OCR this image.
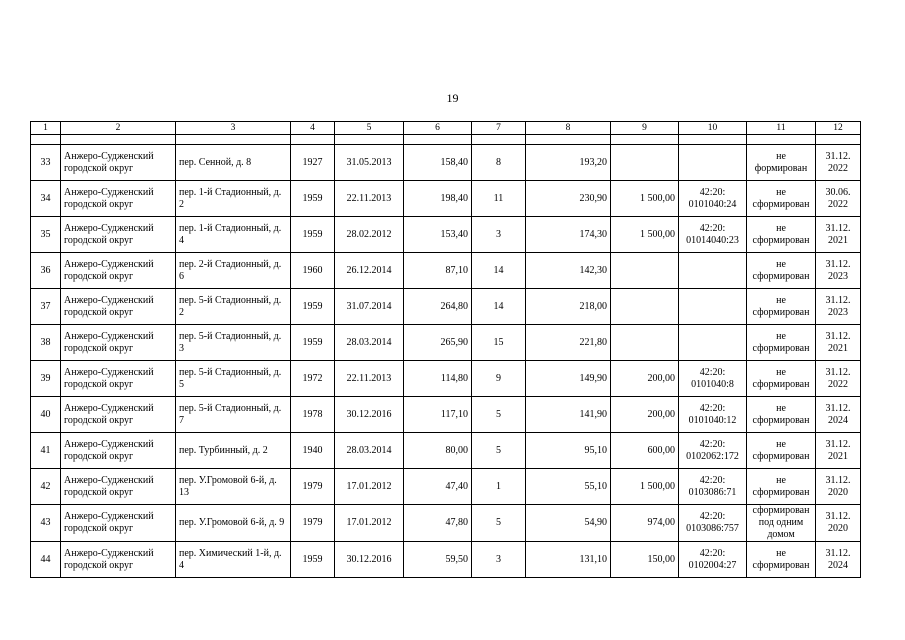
19
1	2	3	4	5	6	7	8	9	10	11	12

33	Анжеро-Судженский городской округ	пер. Сенной, д. 8	1927	31.05.2013	158,40	8	193,20			не формирован	31.12. 2022
34	Анжеро-Судженский городской округ	пер. 1-й Стадионный, д. 2	1959	22.11.2013	198,40	11	230,90	1 500,00	42:20: 0101040:24	не сформирован	30.06. 2022
35	Анжеро-Судженский городской округ	пер. 1-й Стадионный, д. 4	1959	28.02.2012	153,40	3	174,30	1 500,00	42:20: 01014040:23	не сформирован	31.12. 2021
36	Анжеро-Судженский городской округ	пер. 2-й Стадионный, д. 6	1960	26.12.2014	87,10	14	142,30			не сформирован	31.12. 2023
37	Анжеро-Судженский городской округ	пер. 5-й Стадионный, д. 2	1959	31.07.2014	264,80	14	218,00			не сформирован	31.12. 2023
38	Анжеро-Судженский городской округ	пер. 5-й Стадионный, д. 3	1959	28.03.2014	265,90	15	221,80			не сформирован	31.12. 2021
39	Анжеро-Судженский городской округ	пер. 5-й Стадионный, д. 5	1972	22.11.2013	114,80	9	149,90	200,00	42:20: 0101040:8	не сформирован	31.12. 2022
40	Анжеро-Судженский городской округ	пер. 5-й Стадионный, д. 7	1978	30.12.2016	117,10	5	141,90	200,00	42:20: 0101040:12	не сформирован	31.12. 2024
41	Анжеро-Судженский городской округ	пер. Турбинный, д. 2	1940	28.03.2014	80,00	5	95,10	600,00	42:20: 0102062:172	не сформирован	31.12. 2021
42	Анжеро-Судженский городской округ	пер. У.Громовой 6-й, д. 13	1979	17.01.2012	47,40	1	55,10	1 500,00	42:20: 0103086:71	не сформирован	31.12. 2020
43	Анжеро-Судженский городской округ	пер. У.Громовой 6-й, д. 9	1979	17.01.2012	47,80	5	54,90	974,00	42:20: 0103086:757	сформирован под одним домом	31.12. 2020
44	Анжеро-Судженский городской округ	пер. Химический 1-й, д. 4	1959	30.12.2016	59,50	3	131,10	150,00	42:20: 0102004:27	не сформирован	31.12. 2024
